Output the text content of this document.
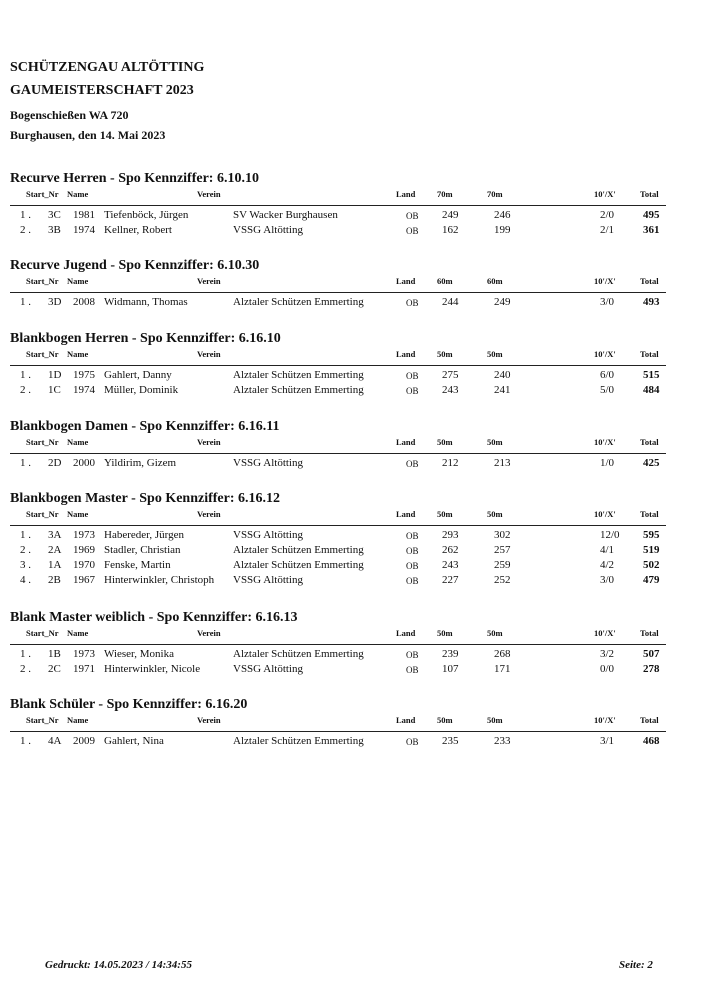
SCHÜTZENGAU ALTÖTTING
GAUMEISTERSCHAFT 2023
Bogenschießen WA 720
Burghausen, den 14. Mai 2023
Recurve Herren - Spo Kennziffer: 6.10.10
Start_Nr Name	Verein	Land	70m	70m	10'/X'	Total
1 . 3C 1981 Tiefenböck, Jürgen	SV Wacker Burghausen	OB 249	246	2/0	495
2 . 3B 1974 Kellner, Robert	VSSG Altötting	OB 162	199	2/1	361
Recurve Jugend - Spo Kennziffer: 6.10.30
Start_Nr Name	Verein	Land	60m	60m	10'/X'	Total
1 . 3D 2008 Widmann, Thomas	Alztaler Schützen Emmerting	OB 244	249	3/0	493
Blankbogen Herren - Spo Kennziffer: 6.16.10
Start_Nr Name	Verein	Land	50m	50m	10'/X'	Total
1 . 1D 1975 Gahlert, Danny	Alztaler Schützen Emmerting	OB 275	240	6/0	515
2 . 1C 1974 Müller, Dominik	Alztaler Schützen Emmerting	OB 243	241	5/0	484
Blankbogen Damen - Spo Kennziffer: 6.16.11
Start_Nr Name	Verein	Land	50m	50m	10'/X'	Total
1 . 2D 2000 Yildirim, Gizem	VSSG Altötting	OB 212	213	1/0	425
Blankbogen Master - Spo Kennziffer: 6.16.12
Start_Nr Name	Verein	Land	50m	50m	10'/X'	Total
1 . 3A 1973 Habereder, Jürgen	VSSG Altötting	OB 293	302	12/0 595
2 . 2A 1969 Stadler, Christian	Alztaler Schützen Emmerting	OB 262	257	4/1	519
3 . 1A 1970 Fenske, Martin	Alztaler Schützen Emmerting	OB 243	259	4/2	502
4 . 2B 1967 Hinterwinkler, Christoph VSSG Altötting	OB 227	252	3/0	479
Blank Master weiblich - Spo Kennziffer: 6.16.13
Start_Nr Name	Verein	Land	50m	50m	10'/X'	Total
1 . 1B 1973 Wieser, Monika	Alztaler Schützen Emmerting	OB 239	268	3/2	507
2 . 2C 1971 Hinterwinkler, Nicole	VSSG Altötting	OB 107	171	0/0	278
Blank Schüler - Spo Kennziffer: 6.16.20
Start_Nr Name	Verein	Land	50m	50m	10'/X'	Total
1 . 4A 2009 Gahlert, Nina	Alztaler Schützen Emmerting	OB 235	233	3/1	468
Gedruckt: 14.05.2023 / 14:34:55	Seite: 2
